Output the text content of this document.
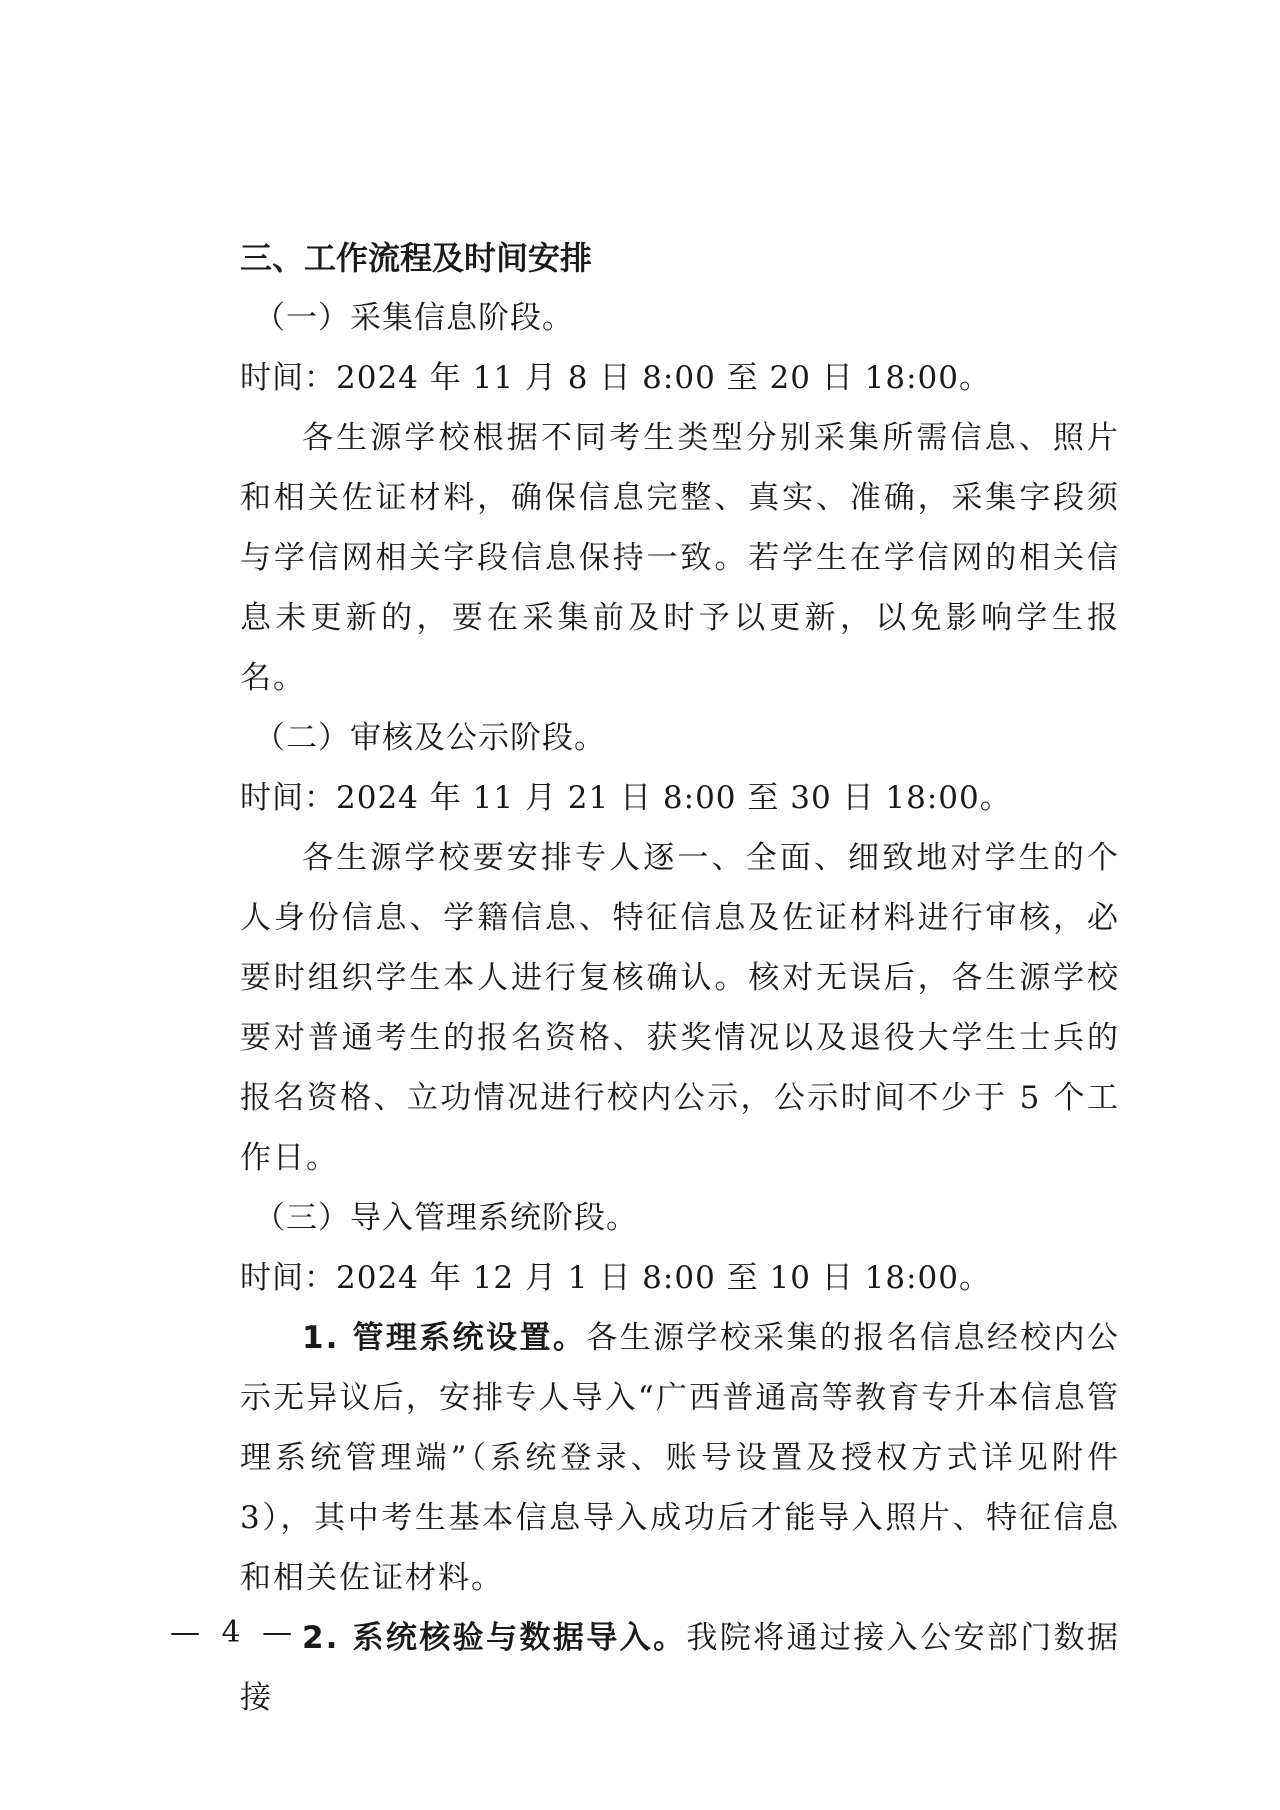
三、工作流程及时间安排

（一）采集信息阶段。

时间：2024 年 11 月 8 日 8:00 至 20 日 18:00。

各生源学校根据不同考生类型分别采集所需信息、照片和相关佐证材料，确保信息完整、真实、准确，采集字段须与学信网相关字段信息保持一致。若学生在学信网的相关信息未更新的，要在采集前及时予以更新，以免影响学生报名。

（二）审核及公示阶段。

时间：2024 年 11 月 21 日 8:00 至 30 日 18:00。

各生源学校要安排专人逐一、全面、细致地对学生的个人身份信息、学籍信息、特征信息及佐证材料进行审核，必要时组织学生本人进行复核确认。核对无误后，各生源学校要对普通考生的报名资格、获奖情况以及退役大学生士兵的报名资格、立功情况进行校内公示，公示时间不少于 5 个工作日。

（三）导入管理系统阶段。

时间：2024 年 12 月 1 日 8:00 至 10 日 18:00。

1. 管理系统设置。各生源学校采集的报名信息经校内公示无异议后，安排专人导入“广西普通高等教育专升本信息管理系统管理端”（系统登录、账号设置及授权方式详见附件 3），其中考生基本信息导入成功后才能导入照片、特征信息和相关佐证材料。

2. 系统核验与数据导入。我院将通过接入公安部门数据接

— 4 —
